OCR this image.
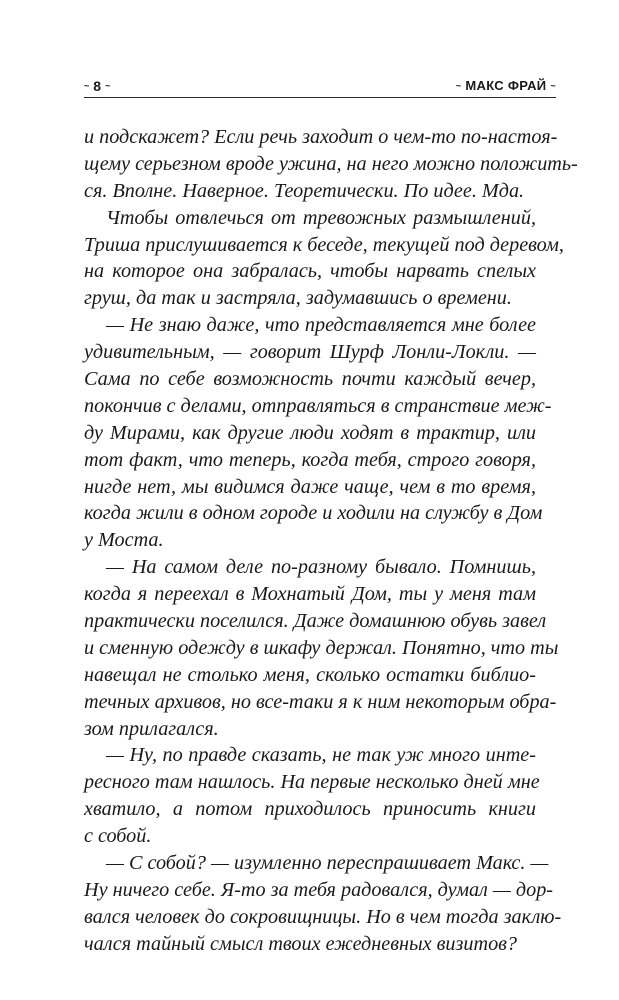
~ 8 ~	~ МАКС ФРАЙ ~
и подскажет? Если речь заходит о чем-то по-настоя-
щему серьезном вроде ужина, на него можно положить-
ся. Вполне. Наверное. Теоретически. По идее. Мда.
Чтобы отвлечься от тревожных размышлений,
Триша прислушивается к беседе, текущей под деревом,
на которое она забралась, чтобы нарвать спелых
груш, да так и застряла, задумавшись о времени.
— Не знаю даже, что представляется мне более
удивительным, — говорит Шурф Лонли-Локли. —
Сама по себе возможность почти каждый вечер,
покончив с делами, отправляться в странствие меж-
ду Мирами, как другие люди ходят в трактир, или
тот факт, что теперь, когда тебя, строго говоря,
нигде нет, мы видимся даже чаще, чем в то время,
когда жили в одном городе и ходили на службу в Дом
у Моста.
— На самом деле по-разному бывало. Помнишь,
когда я переехал в Мохнатый Дом, ты у меня там
практически поселился. Даже домашнюю обувь завел
и сменную одежду в шкафу держал. Понятно, что ты
навещал не столько меня, сколько остатки библио-
течных архивов, но все-таки я к ним некоторым обра-
зом прилагался.
— Ну, по правде сказать, не так уж много инте-
ресного там нашлось. На первые несколько дней мне
хватило, а потом приходилось приносить книги
с собой.
— С собой? — изумленно переспрашивает Макс. —
Ну ничего себе. Я-то за тебя радовался, думал — дор-
вался человек до сокровищницы. Но в чем тогда заклю-
чался тайный смысл твоих ежедневных визитов?
